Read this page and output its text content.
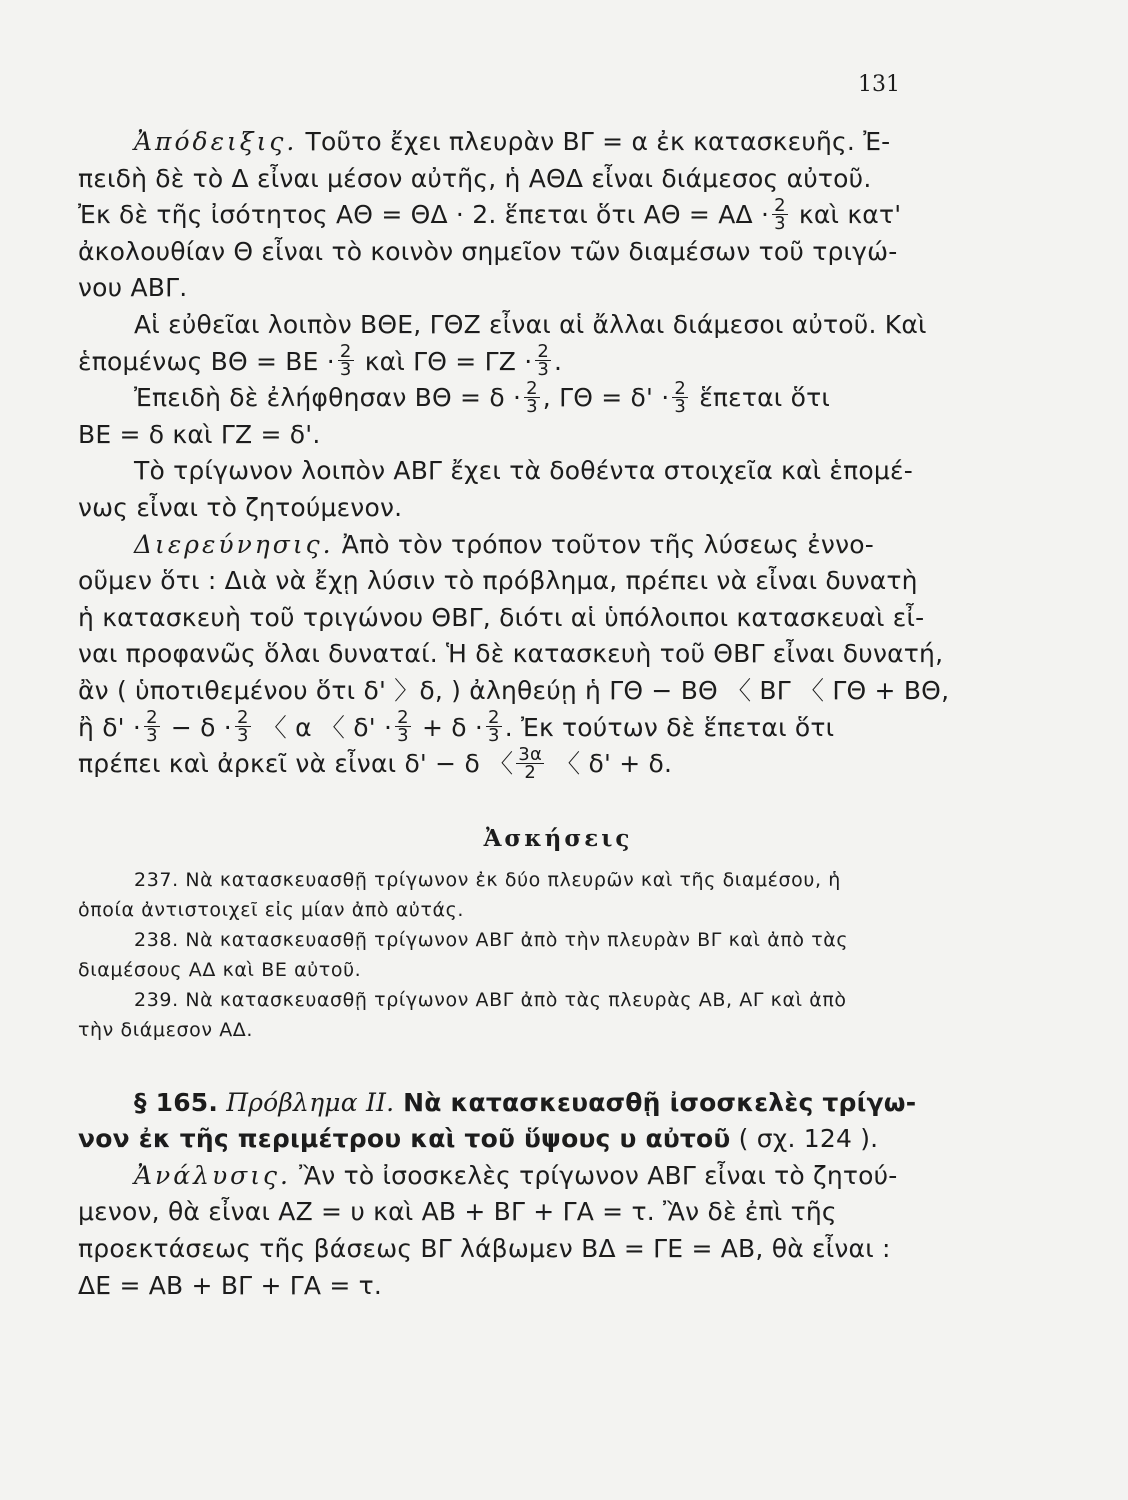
131
Ἀπόδειξις. Τοῦτο ἔχει πλευρὰν ΒΓ = α ἐκ κατασκευῆς. Ἐ-
πειδὴ δὲ τὸ Δ εἶναι μέσον αὐτῆς, ἡ ΑΘΔ εἶναι διάμεσος αὐτοῦ.
Ἐκ δὲ τῆς ἰσότητος ΑΘ = ΘΔ · 2. ἕπεται ὅτι $A\Theta = A\Delta \cdot \frac{2}{3}$ καὶ κατ'
ἀκολουθίαν Θ εἶναι τὸ κοινὸν σημεῖον τῶν διαμέσων τοῦ τριγώ-
νου ΑΒΓ.
Αἱ εὐθεῖαι λοιπὸν ΒΘΕ, ΓΘΖ εἶναι αἱ ἄλλαι διάμεσοι αὐτοῦ. Καὶ
ἑπομένως $B\Theta = BE \cdot \frac{2}{3}$ καὶ $\Gamma\Theta = \Gamma Z \cdot \frac{2}{3}$ .
Ἐπειδὴ δὲ ἐλήφθησαν $B\Theta = \delta \cdot \frac{2}{3}$ , $\Gamma\Theta = \delta' \cdot \frac{2}{3}$ ἕπεται ὅτι
ΒΕ = δ καὶ ΓΖ = δ'.
Τὸ τρίγωνον λοιπὸν ΑΒΓ ἔχει τὰ δοθέντα στοιχεῖα καὶ ἑπομέ-
νως εἶναι τὸ ζητούμενον.
Διερεύνησις. Ἀπὸ τὸν τρόπον τοῦτον τῆς λύσεως ἐννο-
οῦμεν ὅτι : Διὰ νὰ ἔχῃ λύσιν τὸ πρόβλημα, πρέπει νὰ εἶναι δυνατὴ
ἡ κατασκευὴ τοῦ τριγώνου ΘΒΓ, διότι αἱ ὑπόλοιποι κατασκευαὶ εἶ-
ναι προφανῶς ὅλαι δυναταί. Ἡ δὲ κατασκευὴ τοῦ ΘΒΓ εἶναι δυνατή,
ἂν ( ὑποτιθεμένου ὅτι δ' 〉δ, ) ἀληθεύῃ ἡ ΓΘ − ΒΘ 〈 ΒΓ 〈 ΓΘ + ΒΘ,
ἢ $\delta' \cdot \frac{2}{3} - \delta \cdot \frac{2}{3}$ 〈 α 〈 $\delta' \cdot \frac{2}{3} + \delta \cdot \frac{2}{3}$ . Ἐκ τούτων δὲ ἕπεται ὅτι
πρέπει καὶ ἀρκεῖ νὰ εἶναι δ' − δ 〈 $\frac{3\alpha}{2}$ 〈 δ' + δ.
Ἀσκήσεις
237. Νὰ κατασκευασθῇ τρίγωνον ἐκ δύο πλευρῶν καὶ τῆς διαμέσου, ἡ
ὁποία ἀντιστοιχεῖ εἰς μίαν ἀπὸ αὐτάς.
238. Νὰ κατασκευασθῇ τρίγωνον ΑΒΓ ἀπὸ τὴν πλευρὰν ΒΓ καὶ ἀπὸ τὰς
διαμέσους ΑΔ καὶ ΒΕ αὐτοῦ.
239. Νὰ κατασκευασθῇ τρίγωνον ΑΒΓ ἀπὸ τὰς πλευρὰς ΑΒ, ΑΓ καὶ ἀπὸ
τὴν διάμεσον ΑΔ.
§ 165. Πρόβλημα ΙΙ. Νὰ κατασκευασθῇ ἰσοσκελὲς τρίγω-
νον ἐκ τῆς περιμέτρου καὶ τοῦ ὕψους υ αὐτοῦ ( σχ. 124 ).
Ἀνάλυσις. Ἂν τὸ ἰσοσκελὲς τρίγωνον ΑΒΓ εἶναι τὸ ζητού-
μενον, θὰ εἶναι ΑΖ = υ καὶ ΑΒ + ΒΓ + ΓΑ = τ. Ἂν δὲ ἐπὶ τῆς
προεκτάσεως τῆς βάσεως ΒΓ λάβωμεν ΒΔ = ΓΕ = ΑΒ, θὰ εἶναι :
ΔΕ = ΑΒ + ΒΓ + ΓΑ = τ.
